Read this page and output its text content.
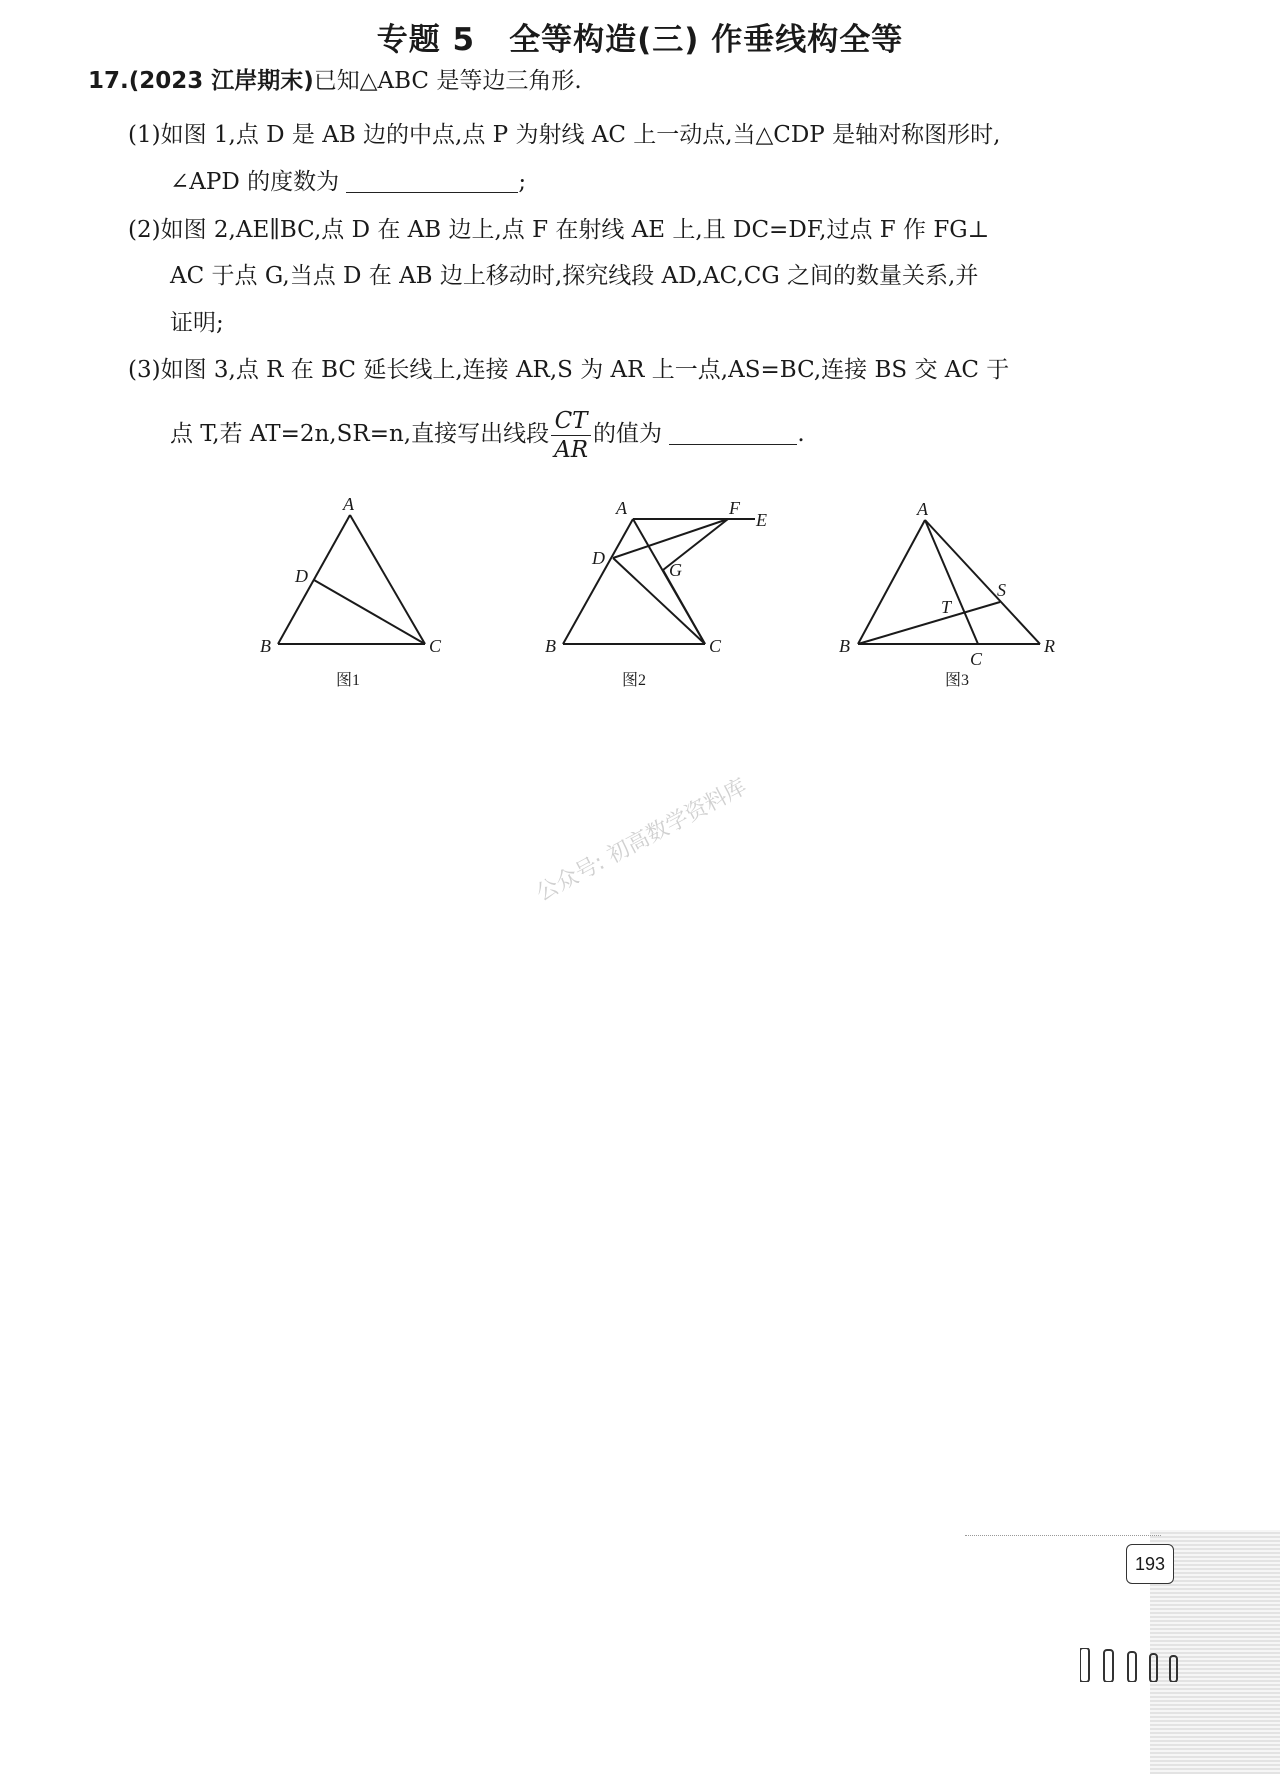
专题 5 全等构造(三) 作垂线构全等
17.(2023 江岸期末)已知△ABC 是等边三角形.
(1)如图 1,点 D 是 AB 边的中点,点 P 为射线 AC 上一动点,当△CDP 是轴对称图形时,
∠APD 的度数为	;
(2)如图 2,AE∥BC,点 D 在 AB 边上,点 F 在射线 AE 上,且 DC=DF,过点 F 作 FG⊥
AC 于点 G,当点 D 在 AB 边上移动时,探究线段 AD,AC,CG 之间的数量关系,并
证明;
(3)如图 3,点 R 在 BC 延长线上,连接 AR,S 为 AR 上一点,AS=BC,连接 BS 交 AC 于
点 T,若 AT=2n,SR=n,直接写出线段 $\frac{CT}{AR}$ 的值为	.
A
B	C
D
图1
A
B	C
D
E
F
G
图2
A
B
C
R
S
T
图3
公众号: 初高数学资料库
193
